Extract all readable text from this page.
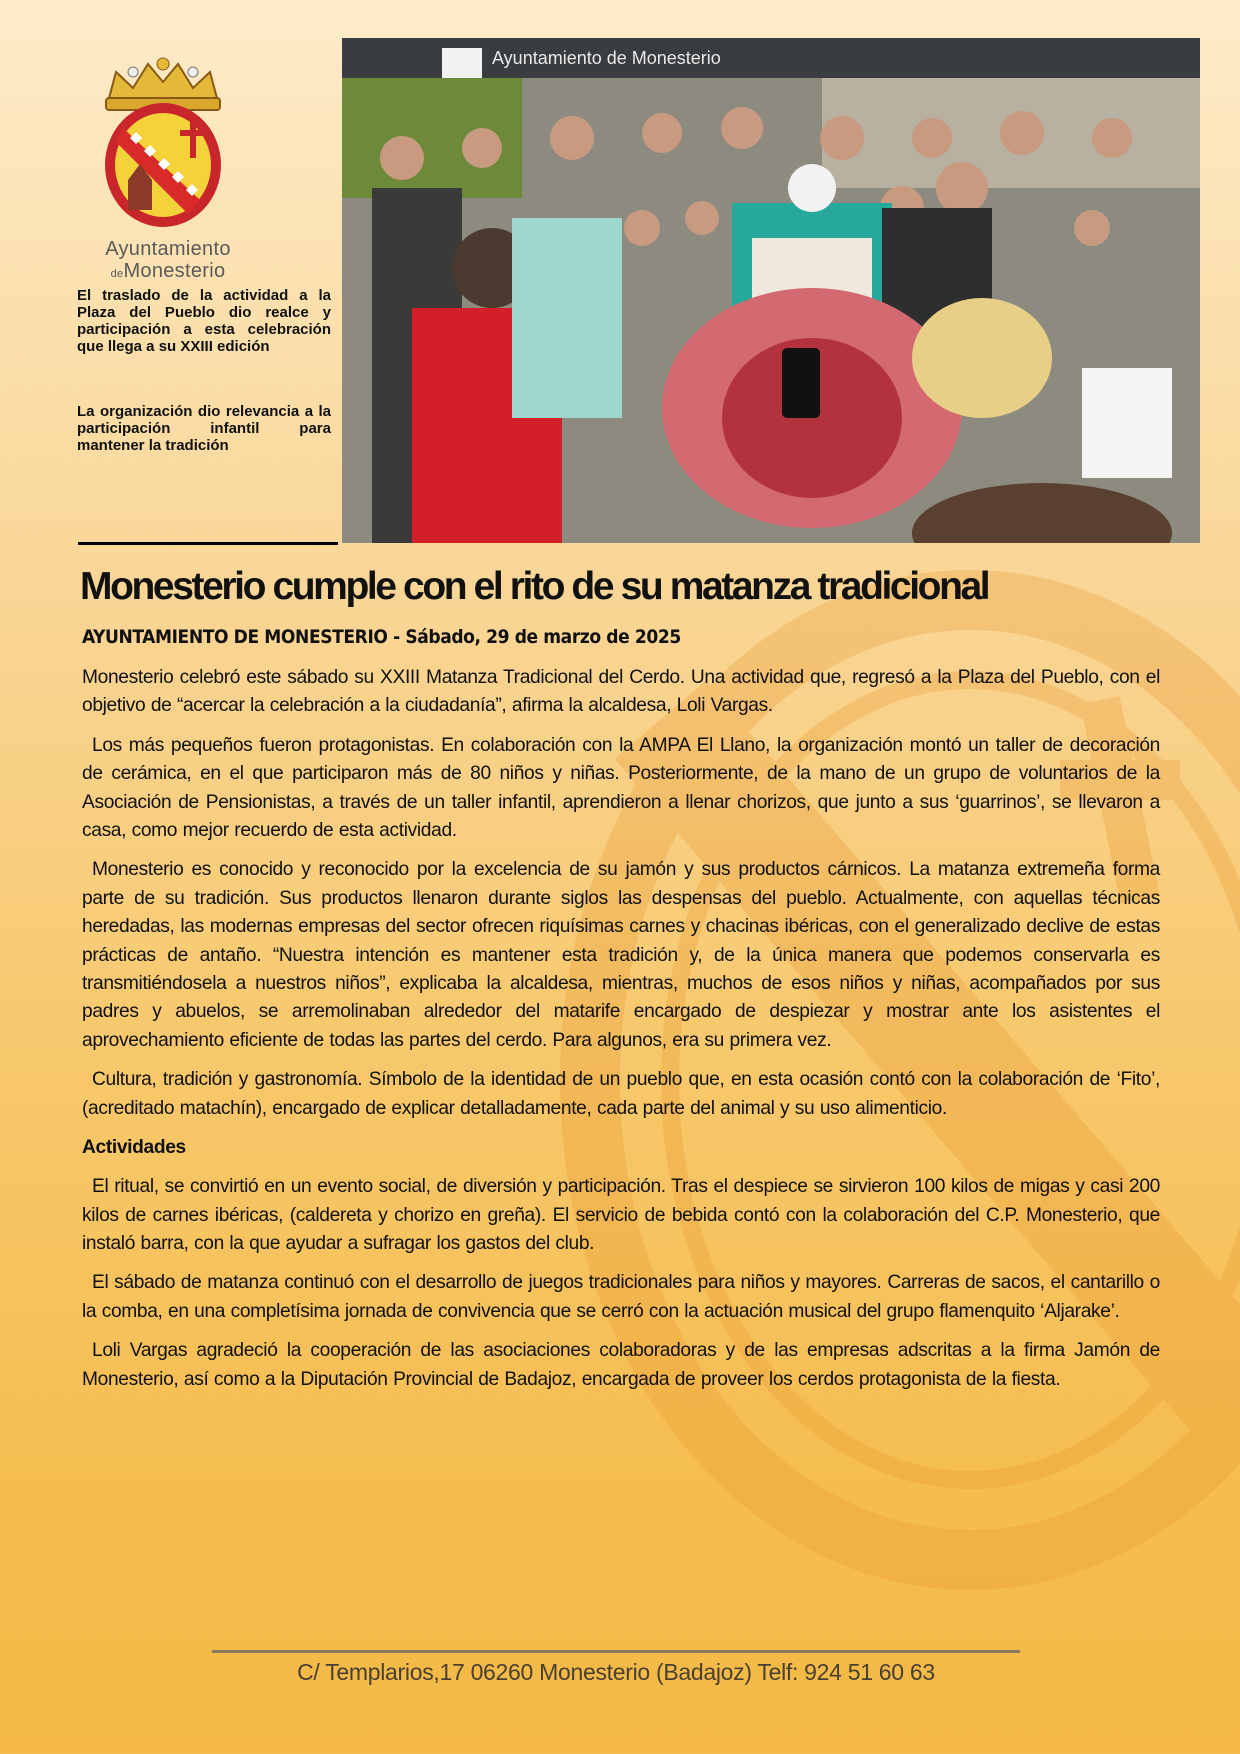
Ayuntamiento
deMonesterio
El traslado de la actividad a la Plaza del Pueblo dio realce y participación a esta celebración que llega a su XXIII edición
La organización dio relevancia a la participación infantil para mantener la tradición
Ayuntamiento de Monesterio
Monesterio cumple con el rito de su matanza tradicional
AYUNTAMIENTO DE MONESTERIO - Sábado, 29 de marzo de 2025

Monesterio celebró este sábado su XXIII Matanza Tradicional del Cerdo. Una actividad que, regresó a la Plaza del Pueblo, con el objetivo de “acercar la celebración a la ciudadanía”, afirma la alcaldesa, Loli Vargas.

Los más pequeños fueron protagonistas. En colaboración con la AMPA El Llano, la organización montó un taller de decoración de cerámica, en el que participaron más de 80 niños y niñas. Posteriormente, de la mano de un grupo de voluntarios de la Asociación de Pensionistas, a través de un taller infantil, aprendieron a llenar chorizos, que junto a sus ‘guarrinos’, se llevaron a casa, como mejor recuerdo de esta actividad.

Monesterio es conocido y reconocido por la excelencia de su jamón y sus productos cárnicos. La matanza extremeña forma parte de su tradición. Sus productos llenaron durante siglos las despensas del pueblo. Actualmente, con aquellas técnicas heredadas, las modernas empresas del sector ofrecen riquísimas carnes y chacinas ibéricas, con el generalizado declive de estas prácticas de antaño. “Nuestra intención es mantener esta tradición y, de la única manera que podemos conservarla es transmitiéndosela a nuestros niños”, explicaba la alcaldesa, mientras, muchos de esos niños y niñas, acompañados por sus padres y abuelos, se arremolinaban alrededor del matarife encargado de despiezar y mostrar ante los asistentes el aprovechamiento eficiente de todas las partes del cerdo. Para algunos, era su primera vez.

Cultura, tradición y gastronomía. Símbolo de la identidad de un pueblo que, en esta ocasión contó con la colaboración de ‘Fito’, (acreditado matachín), encargado de explicar detalladamente, cada parte del animal y su uso alimenticio.

Actividades

El ritual, se convirtió en un evento social, de diversión y participación. Tras el despiece se sirvieron 100 kilos de migas y casi 200 kilos de carnes ibéricas, (caldereta y chorizo en greña). El servicio de bebida contó con la colaboración del C.P. Monesterio, que instaló barra, con la que ayudar a sufragar los gastos del club.

El sábado de matanza continuó con el desarrollo de juegos tradicionales para niños y mayores. Carreras de sacos, el cantarillo o la comba, en una completísima jornada de convivencia que se cerró con la actuación musical del grupo flamenquito ‘Aljarake’.

Loli Vargas agradeció la cooperación de las asociaciones colaboradoras y de las empresas adscritas a la firma Jamón de Monesterio, así como a la Diputación Provincial de Badajoz, encargada de proveer los cerdos protagonista de la fiesta.

C/ Templarios,17 06260 Monesterio (Badajoz) Telf: 924 51 60 63
